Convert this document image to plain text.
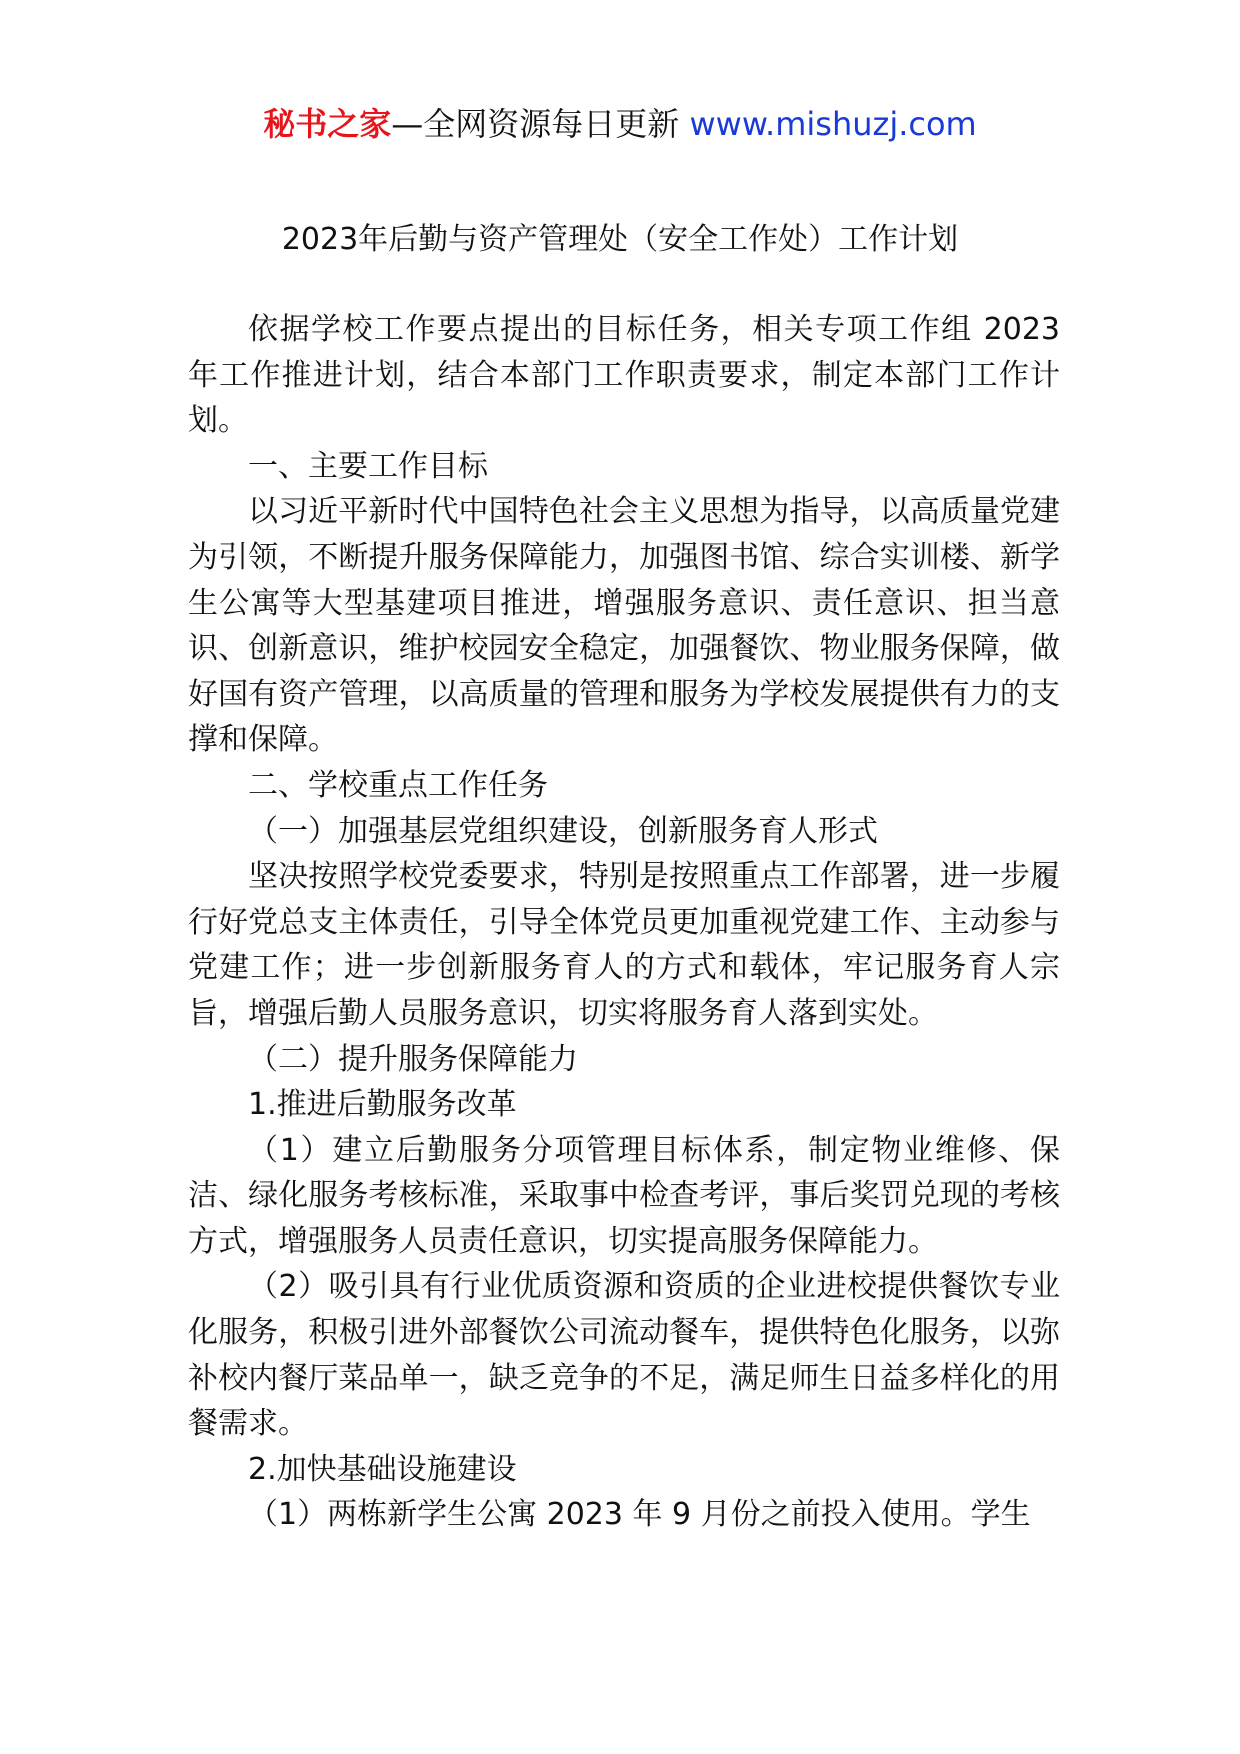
秘书之家—全网资源每日更新 www.mishuzj.com
2023年后勤与资产管理处（安全工作处）工作计划

依据学校工作要点提出的目标任务，相关专项工作组 2023 年工作推进计划，结合本部门工作职责要求，制定本部门工作计划。

一、主要工作目标

以习近平新时代中国特色社会主义思想为指导，以高质量党建为引领，不断提升服务保障能力，加强图书馆、综合实训楼、新学生公寓等大型基建项目推进，增强服务意识、责任意识、担当意识、创新意识，维护校园安全稳定，加强餐饮、物业服务保障，做好国有资产管理，以高质量的管理和服务为学校发展提供有力的支撑和保障。

二、学校重点工作任务

（一）加强基层党组织建设，创新服务育人形式

坚决按照学校党委要求，特别是按照重点工作部署，进一步履行好党总支主体责任，引导全体党员更加重视党建工作、主动参与党建工作；进一步创新服务育人的方式和载体，牢记服务育人宗旨，增强后勤人员服务意识，切实将服务育人落到实处。

（二）提升服务保障能力

1.推进后勤服务改革

（1）建立后勤服务分项管理目标体系，制定物业维修、保洁、绿化服务考核标准，采取事中检查考评，事后奖罚兑现的考核方式，增强服务人员责任意识，切实提高服务保障能力。

（2）吸引具有行业优质资源和资质的企业进校提供餐饮专业化服务，积极引进外部餐饮公司流动餐车，提供特色化服务，以弥补校内餐厅菜品单一，缺乏竞争的不足，满足师生日益多样化的用餐需求。

2.加快基础设施建设

（1）两栋新学生公寓 2023 年 9 月份之前投入使用。学生
